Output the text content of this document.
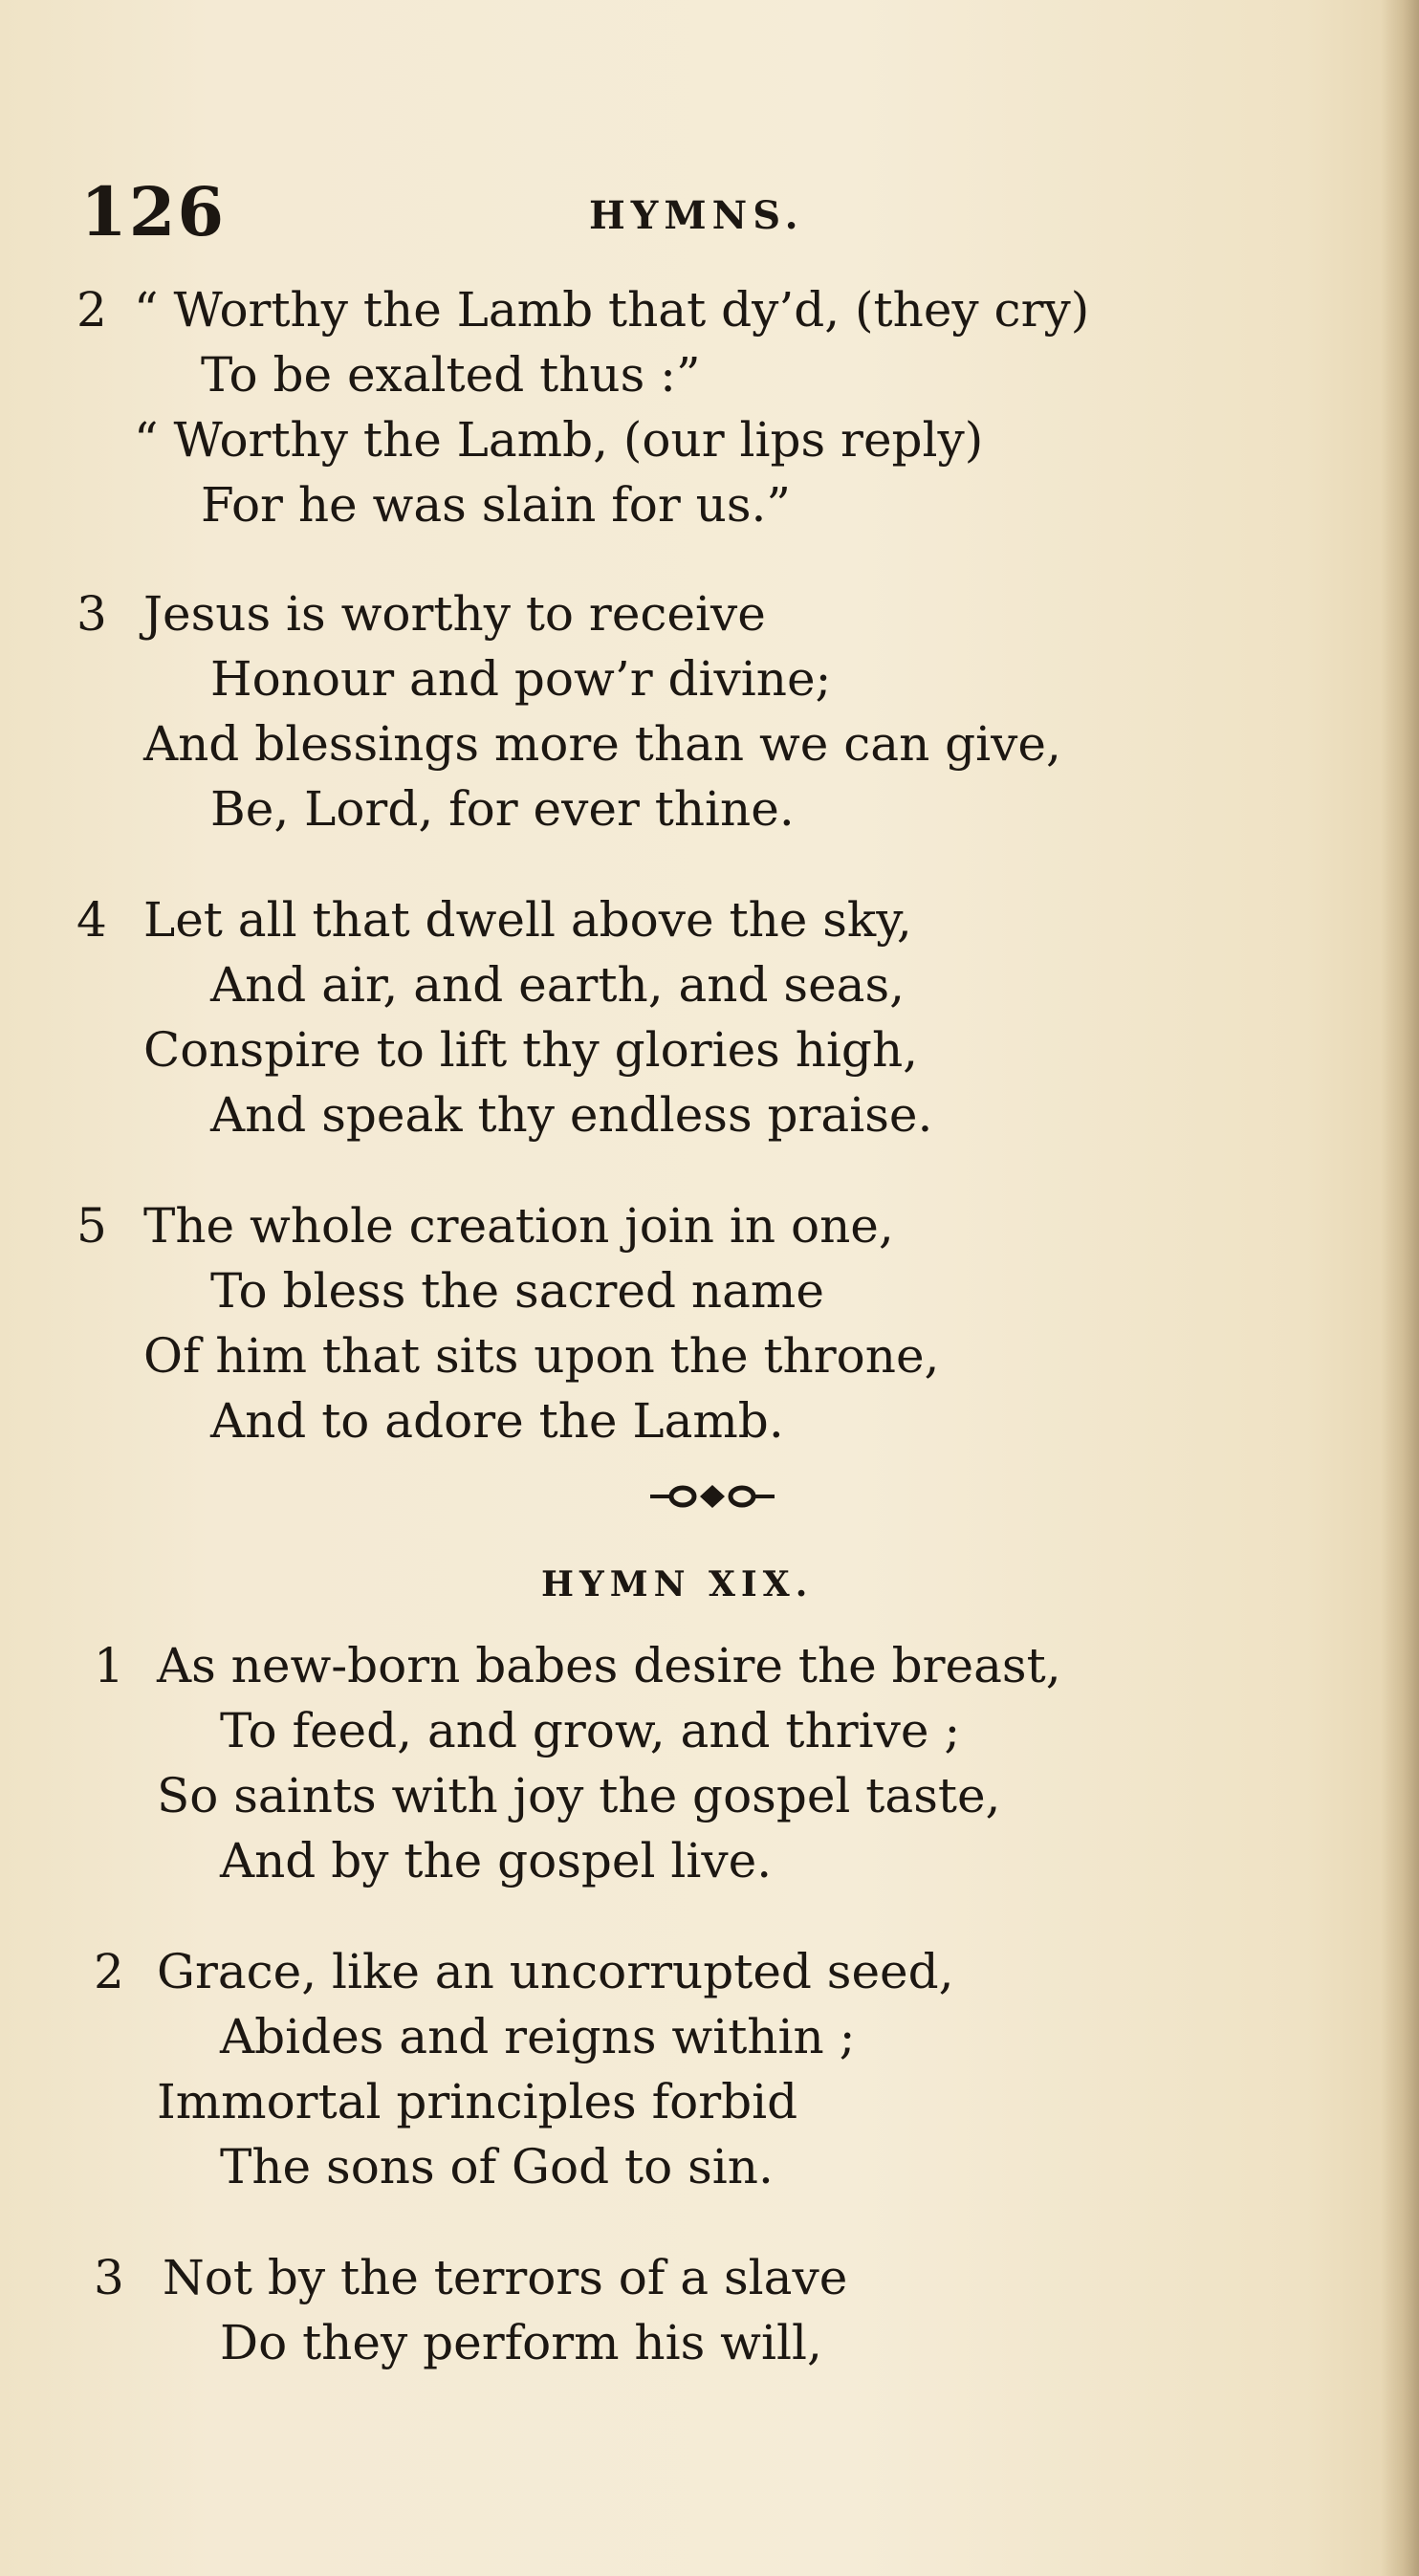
126	HYMNS.
2 “ Worthy the Lamb that dy’d, (they cry)
To be exalted thus :”
“ Worthy the Lamb, (our lips reply)
For he was slain for us.”
3 Jesus is worthy to receive
Honour and pow’r divine;
And blessings more than we can give,
Be, Lord, for ever thine.
4 Let all that dwell above the sky,
And air, and earth, and seas,
Conspire to lift thy glories high,
And speak thy endless praise.
5 The whole creation join in one,
To bless the sacred name
Of him that sits upon the throne,
And to adore the Lamb.
HYMN XIX.
1 As new-born babes desire the breast,
To feed, and grow, and thrive ;
So saints with joy the gospel taste,
And by the gospel live.
2 Grace, like an uncorrupted seed,
Abides and reigns within ;
Immortal principles forbid
The sons of God to sin.
3 Not by the terrors of a slave
Do they perform his will,
